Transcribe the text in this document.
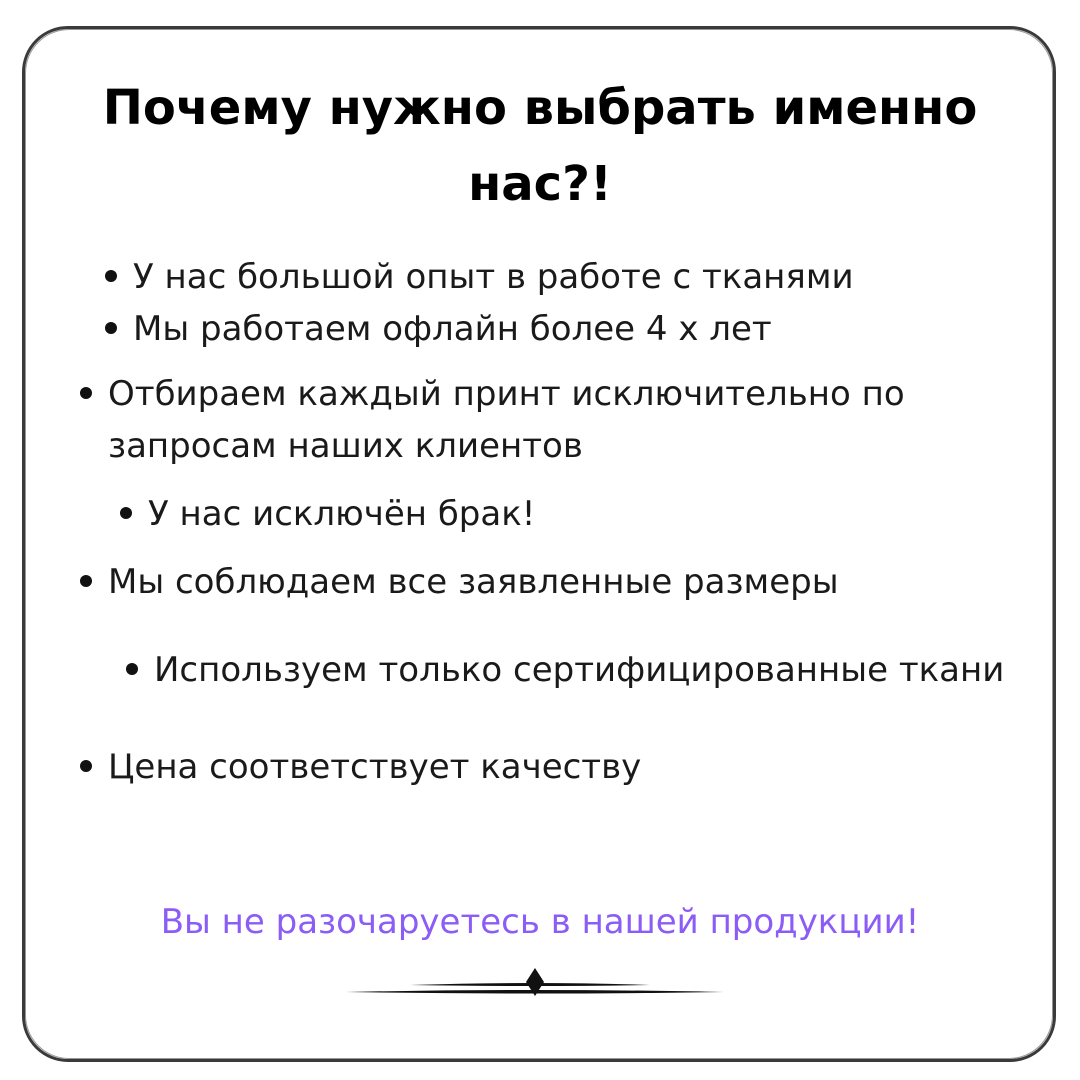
Почему нужно выбрать именно нас?!
У нас большой опыт в работе с тканями
Мы работаем офлайн более 4 х лет
Отбираем каждый принт исключительно по запросам наших клиентов
У нас исключён брак!
Мы соблюдаем все заявленные размеры
Используем только сертифицированные ткани
Цена соответствует качеству
Вы не разочаруетесь в нашей продукции!
